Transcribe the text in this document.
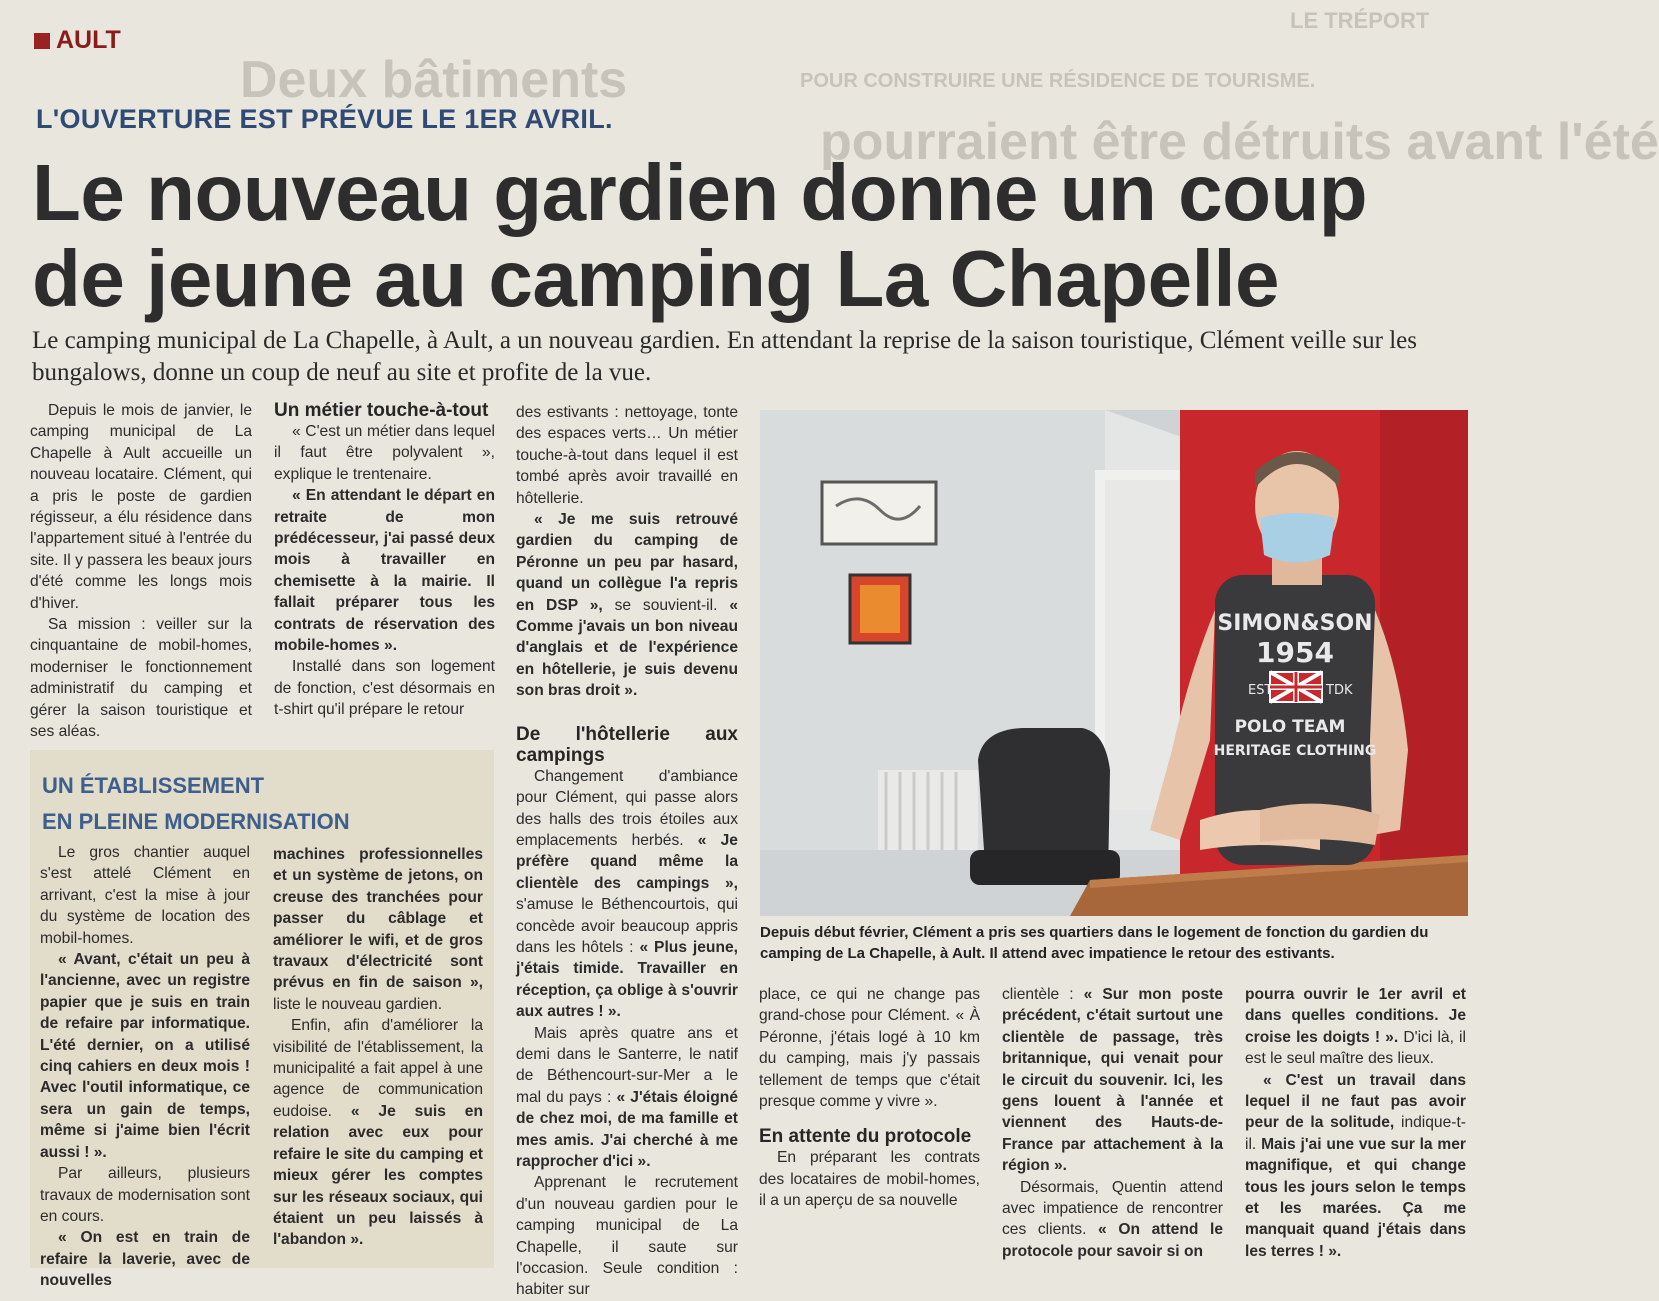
LE TRÉPORT
POUR CONSTRUIRE UNE RÉSIDENCE DE TOURISME.
Deux bâtiments
pourraient être détruits avant l'été
AULT
L'OUVERTURE EST PRÉVUE LE 1ER AVRIL.
Le nouveau gardien donne un coup de jeune au camping La Chapelle
Le camping municipal de La Chapelle, à Ault, a un nouveau gardien. En attendant la reprise de la saison touristique, Clément veille sur les bungalows, donne un coup de neuf au site et profite de la vue.

Depuis le mois de janvier, le camping municipal de La Chapelle à Ault accueille un nouveau locataire. Clément, qui a pris le poste de gardien régisseur, a élu résidence dans l'appartement situé à l'entrée du site. Il y passera les beaux jours d'été comme les longs mois d'hiver.

Sa mission : veiller sur la cinquantaine de mobil-homes, moderniser le fonctionnement administratif du camping et gérer la saison touristique et ses aléas.

Un métier touche-à-tout

« C'est un métier dans lequel il faut être polyvalent », explique le trentenaire.

« En attendant le départ en retraite de mon prédécesseur, j'ai passé deux mois à travailler en chemisette à la mairie. Il fallait préparer tous les contrats de réservation des mobile-homes ».

Installé dans son logement de fonction, c'est désormais en t-shirt qu'il prépare le retour

des estivants : nettoyage, tonte des espaces verts… Un métier touche-à-tout dans lequel il est tombé après avoir travaillé en hôtellerie.

« Je me suis retrouvé gardien du camping de Péronne un peu par hasard, quand un collègue l'a repris en DSP », se souvient-il. « Comme j'avais un bon niveau d'anglais et de l'expérience en hôtellerie, je suis devenu son bras droit ».

De l'hôtellerie aux campings

Changement d'ambiance pour Clément, qui passe alors des halls des trois étoiles aux emplacements herbés. « Je préfère quand même la clientèle des campings », s'amuse le Béthencourtois, qui concède avoir beaucoup appris dans les hôtels : « Plus jeune, j'étais timide. Travailler en réception, ça oblige à s'ouvrir aux autres ! ».

Mais après quatre ans et demi dans le Santerre, le natif de Béthencourt-sur-Mer a le mal du pays : « J'étais éloigné de chez moi, de ma famille et mes amis. J'ai cherché à me rapprocher d'ici ».

Apprenant le recrutement d'un nouveau gardien pour le camping municipal de La Chapelle, il saute sur l'occasion. Seule condition : habiter sur

UN ÉTABLISSEMENT
EN PLEINE MODERNISATION

Le gros chantier auquel s'est attelé Clément en arrivant, c'est la mise à jour du système de location des mobil-homes.

« Avant, c'était un peu à l'ancienne, avec un registre papier que je suis en train de refaire par informatique. L'été dernier, on a utilisé cinq cahiers en deux mois ! Avec l'outil informatique, ce sera un gain de temps, même si j'aime bien l'écrit aussi ! ».

Par ailleurs, plusieurs travaux de modernisation sont en cours.

« On est en train de refaire la laverie, avec de nouvelles

machines professionnelles et un système de jetons, on creuse des tranchées pour passer du câblage et améliorer le wifi, et de gros travaux d'électricité sont prévus en fin de saison », liste le nouveau gardien.

Enfin, afin d'améliorer la visibilité de l'établissement, la municipalité a fait appel à une agence de communication eudoise. « Je suis en relation avec eux pour refaire le site du camping et mieux gérer les comptes sur les réseaux sociaux, qui étaient un peu laissés à l'abandon ».

SIMON&SON
1954
EST	TDK
POLO TEAM
HERITAGE CLOTHING
Depuis début février, Clément a pris ses quartiers dans le logement de fonction du gardien du camping de La Chapelle, à Ault. Il attend avec impatience le retour des estivants.

place, ce qui ne change pas grand-chose pour Clément. « À Péronne, j'étais logé à 10 km du camping, mais j'y passais tellement de temps que c'était presque comme y vivre ».

En attente du protocole

En préparant les contrats des locataires de mobil-homes, il a un aperçu de sa nouvelle

clientèle : « Sur mon poste précédent, c'était surtout une clientèle de passage, très britannique, qui venait pour le circuit du souvenir. Ici, les gens louent à l'année et viennent des Hauts-de-France par attachement à la région ».

Désormais, Quentin attend avec impatience de rencontrer ces clients. « On attend le protocole pour savoir si on

pourra ouvrir le 1er avril et dans quelles conditions. Je croise les doigts ! ». D'ici là, il est le seul maître des lieux.

« C'est un travail dans lequel il ne faut pas avoir peur de la solitude, indique-t-il. Mais j'ai une vue sur la mer magnifique, et qui change tous les jours selon le temps et les marées. Ça me manquait quand j'étais dans les terres ! ».
